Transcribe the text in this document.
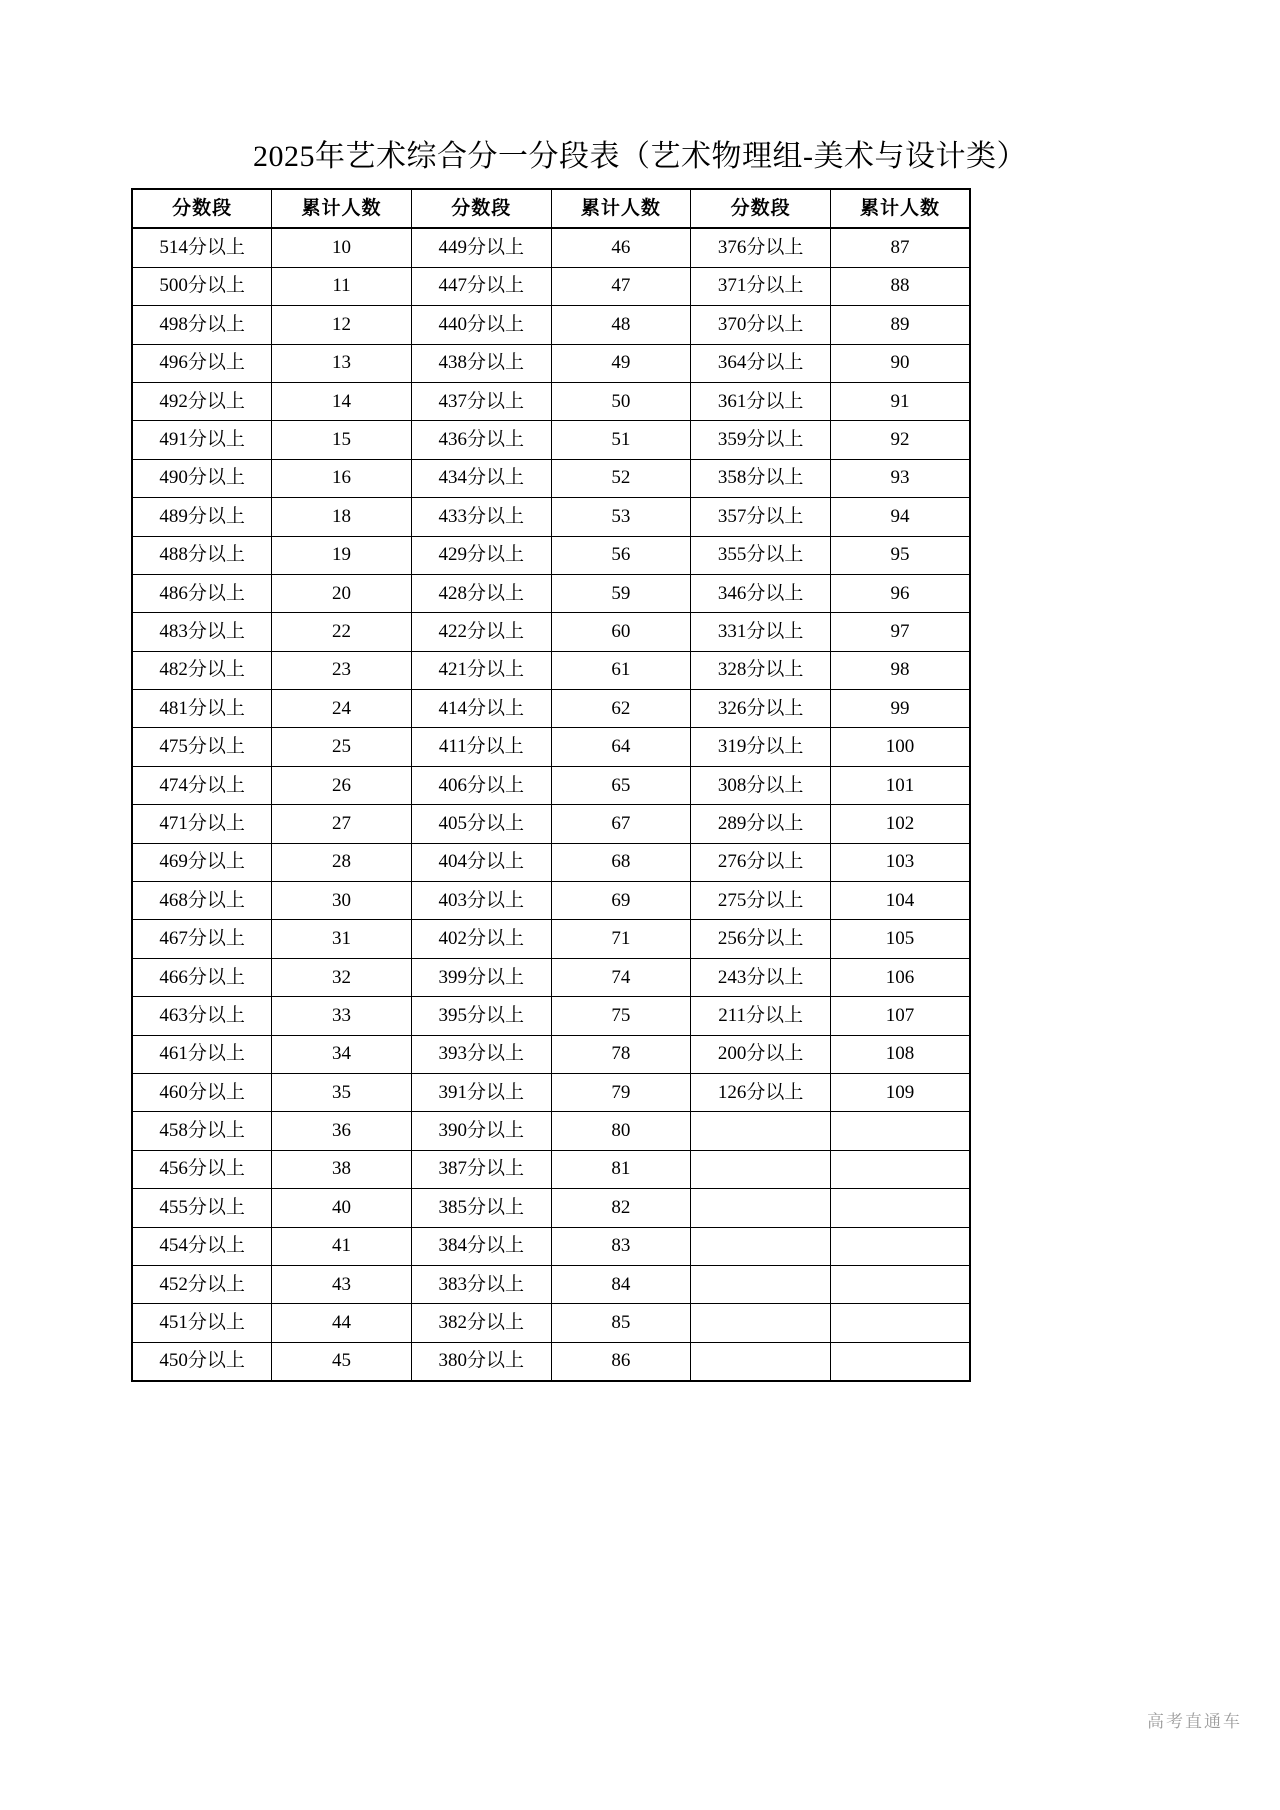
2025年艺术综合分一分段表（艺术物理组-美术与设计类）
分数段	累计人数	分数段	累计人数	分数段	累计人数
514分以上	10	449分以上	46	376分以上	87
500分以上	11	447分以上	47	371分以上	88
498分以上	12	440分以上	48	370分以上	89
496分以上	13	438分以上	49	364分以上	90
492分以上	14	437分以上	50	361分以上	91
491分以上	15	436分以上	51	359分以上	92
490分以上	16	434分以上	52	358分以上	93
489分以上	18	433分以上	53	357分以上	94
488分以上	19	429分以上	56	355分以上	95
486分以上	20	428分以上	59	346分以上	96
483分以上	22	422分以上	60	331分以上	97
482分以上	23	421分以上	61	328分以上	98
481分以上	24	414分以上	62	326分以上	99
475分以上	25	411分以上	64	319分以上	100
474分以上	26	406分以上	65	308分以上	101
471分以上	27	405分以上	67	289分以上	102
469分以上	28	404分以上	68	276分以上	103
468分以上	30	403分以上	69	275分以上	104
467分以上	31	402分以上	71	256分以上	105
466分以上	32	399分以上	74	243分以上	106
463分以上	33	395分以上	75	211分以上	107
461分以上	34	393分以上	78	200分以上	108
460分以上	35	391分以上	79	126分以上	109
458分以上	36	390分以上	80		
456分以上	38	387分以上	81		
455分以上	40	385分以上	82		
454分以上	41	384分以上	83		
452分以上	43	383分以上	84		
451分以上	44	382分以上	85		
450分以上	45	380分以上	86		
高考直通车
